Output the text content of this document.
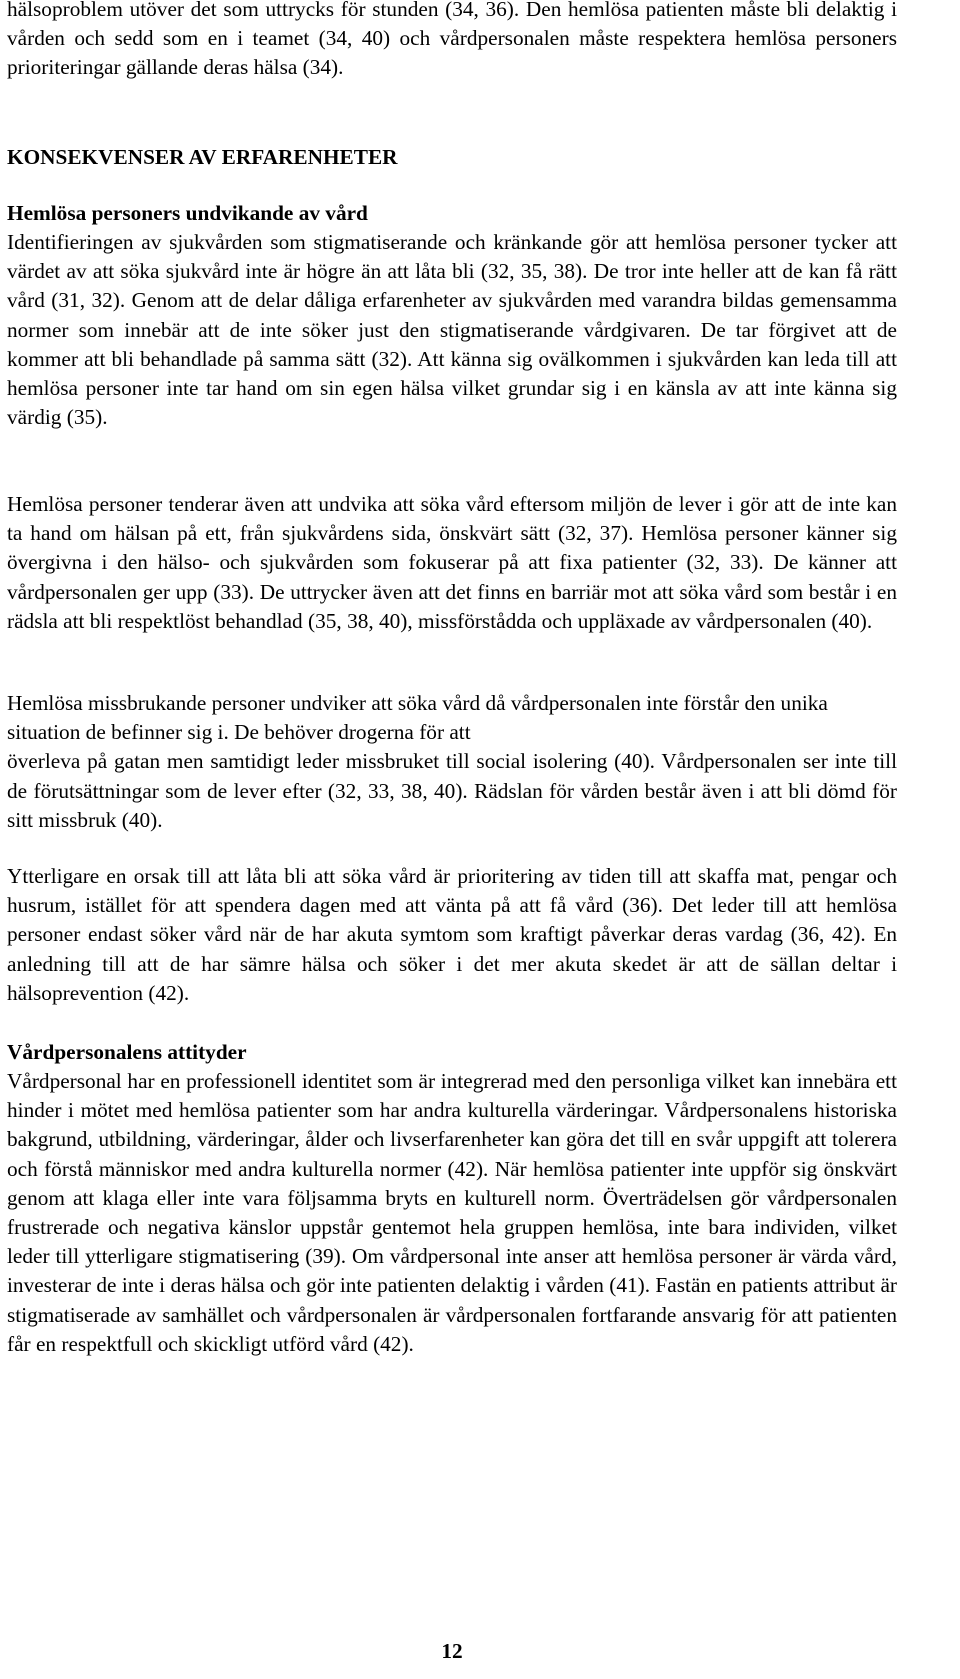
hälsoproblem utöver det som uttrycks för stunden (34, 36). Den hemlösa patienten måste bli delaktig i vården och sedd som en i teamet (34, 40) och vårdpersonalen måste respektera hemlösa personers prioriteringar gällande deras hälsa (34).

KONSEKVENSER AV ERFARENHETER
Hemlösa personers undvikande av vård

Identifieringen av sjukvården som stigmatiserande och kränkande gör att hemlösa personer tycker att värdet av att söka sjukvård inte är högre än att låta bli (32, 35, 38). De tror inte heller att de kan få rätt vård (31, 32). Genom att de delar dåliga erfarenheter av sjukvården med varandra bildas gemensamma normer som innebär att de inte söker just den stigmatiserande vårdgivaren. De tar förgivet att de kommer att bli behandlade på samma sätt (32). Att känna sig ovälkommen i sjukvården kan leda till att hemlösa personer inte tar hand om sin egen hälsa vilket grundar sig i en känsla av att inte känna sig värdig (35).

Hemlösa personer tenderar även att undvika att söka vård eftersom miljön de lever i gör att de inte kan ta hand om hälsan på ett, från sjukvårdens sida, önskvärt sätt (32, 37). Hemlösa personer känner sig övergivna i den hälso- och sjukvården som fokuserar på att fixa patienter (32, 33). De känner att vårdpersonalen ger upp (33). De uttrycker även att det finns en barriär mot att söka vård som består i en rädsla att bli respektlöst behandlad (35, 38, 40), missförstådda och uppläxade av vårdpersonalen (40).

Hemlösa missbrukande personer undviker att söka vård då vårdpersonalen inte förstår den unika situation de befinner sig i. De behöver drogerna för att

överleva på gatan men samtidigt leder missbruket till social isolering (40). Vårdpersonalen ser inte till de förutsättningar som de lever efter (32, 33, 38, 40). Rädslan för vården består även i att bli dömd för sitt missbruk (40).

Ytterligare en orsak till att låta bli att söka vård är prioritering av tiden till att skaffa mat, pengar och husrum, istället för att spendera dagen med att vänta på att få vård (36). Det leder till att hemlösa personer endast söker vård när de har akuta symtom som kraftigt påverkar deras vardag (36, 42). En anledning till att de har sämre hälsa och söker i det mer akuta skedet är att de sällan deltar i hälsoprevention (42).

Vårdpersonalens attityder

Vårdpersonal har en professionell identitet som är integrerad med den personliga vilket kan innebära ett hinder i mötet med hemlösa patienter som har andra kulturella värderingar. Vårdpersonalens historiska bakgrund, utbildning, värderingar, ålder och livserfarenheter kan göra det till en svår uppgift att tolerera och förstå människor med andra kulturella normer (42). När hemlösa patienter inte uppför sig önskvärt genom att klaga eller inte vara följsamma bryts en kulturell norm. Överträdelsen gör vårdpersonalen frustrerade och negativa känslor uppstår gentemot hela gruppen hemlösa, inte bara individen, vilket leder till ytterligare stigmatisering (39). Om vårdpersonal inte anser att hemlösa personer är värda vård, investerar de inte i deras hälsa och gör inte patienten delaktig i vården (41). Fastän en patients attribut är stigmatiserade av samhället och vårdpersonalen är vårdpersonalen fortfarande ansvarig för att patienten får en respektfull och skickligt utförd vård (42).

12
